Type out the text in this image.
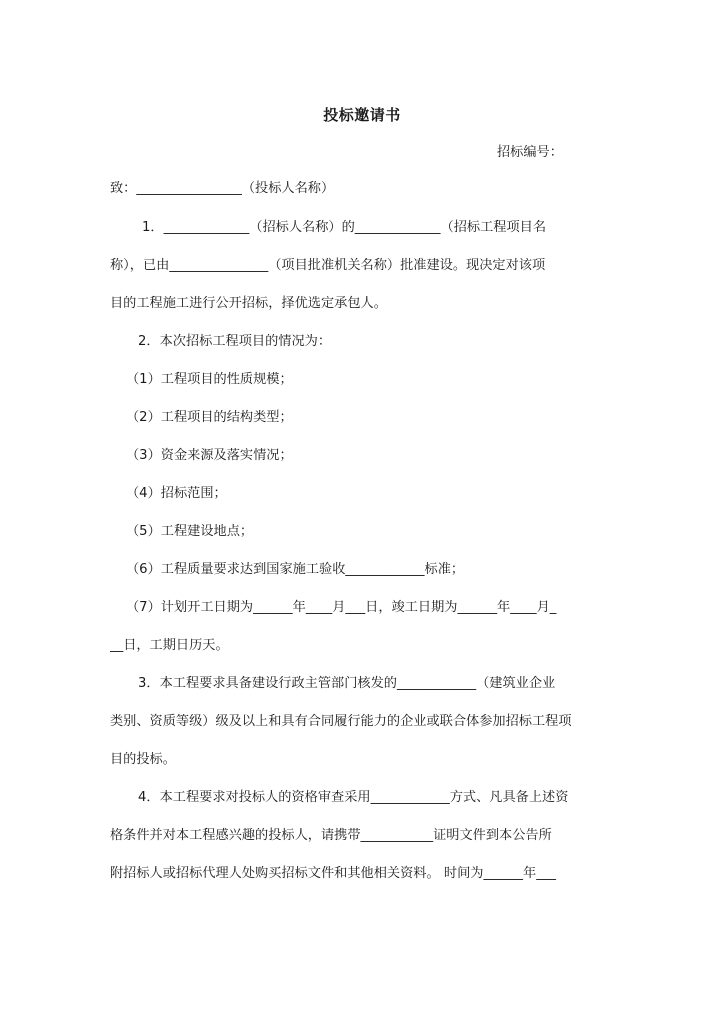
投标邀请书
招标编号：
致：________________（投标人名称）
1．_____________（招标人名称）的_____________（招标工程项目名
称），已由_______________（项目批准机关名称）批准建设。现决定对该项
目的工程施工进行公开招标，择优选定承包人。
2．本次招标工程项目的情况为：
（1）工程项目的性质规模；
（2）工程项目的结构类型；
（3）资金来源及落实情况；
（4）招标范围；
（5）工程建设地点；
（6）工程质量要求达到国家施工验收____________标准；
（7）计划开工日期为______年____月___日，竣工日期为______年____月_
__日，工期日历天。
3．本工程要求具备建设行政主管部门核发的____________（建筑业企业
类别、资质等级）级及以上和具有合同履行能力的企业或联合体参加招标工程项
目的投标。
4．本工程要求对投标人的资格审查采用____________方式、凡具备上述资
格条件并对本工程感兴趣的投标人，请携带___________证明文件到本公告所
附招标人或招标代理人处购买招标文件和其他相关资料。 时间为______年___
